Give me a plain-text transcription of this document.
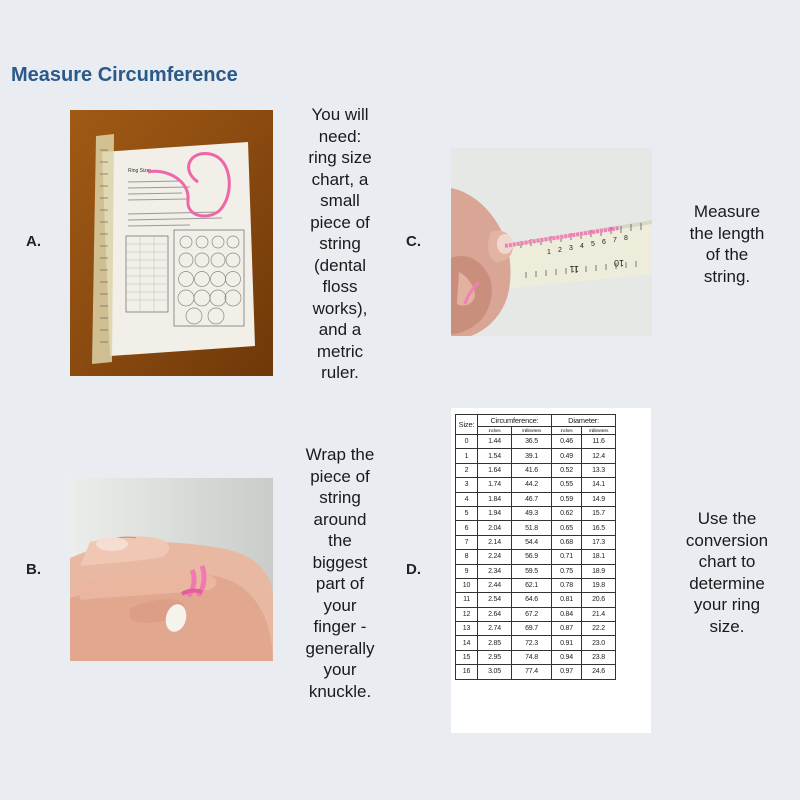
Measure Circumference
A.
Ring Sizer
You will
need:
ring size
chart, a
small
piece of
string
(dental
floss
works),
and a
metric
ruler.
B.
Wrap the
piece of
string
around
the
biggest
part of
your
finger -
generally
your
knuckle.
C.
1 2 3 4 5 6 7 8
11
10
Measure
the length
of the
string.
D.
Size:	Circumference:		Diameter:	
	inches	millimeters	inches	millimeters
0	1.44	36.5	0.46	11.6
1	1.54	39.1	0.49	12.4
2	1.64	41.6	0.52	13.3
3	1.74	44.2	0.55	14.1
4	1.84	46.7	0.59	14.9
5	1.94	49.3	0.62	15.7
6	2.04	51.8	0.65	16.5
7	2.14	54.4	0.68	17.3
8	2.24	56.9	0.71	18.1
9	2.34	59.5	0.75	18.9
10	2.44	62.1	0.78	19.8
11	2.54	64.6	0.81	20.6
12	2.64	67.2	0.84	21.4
13	2.74	69.7	0.87	22.2
14	2.85	72.3	0.91	23.0
15	2.95	74.8	0.94	23.8
16	3.05	77.4	0.97	24.6
Use the
conversion
chart to
determine
your ring
size.
